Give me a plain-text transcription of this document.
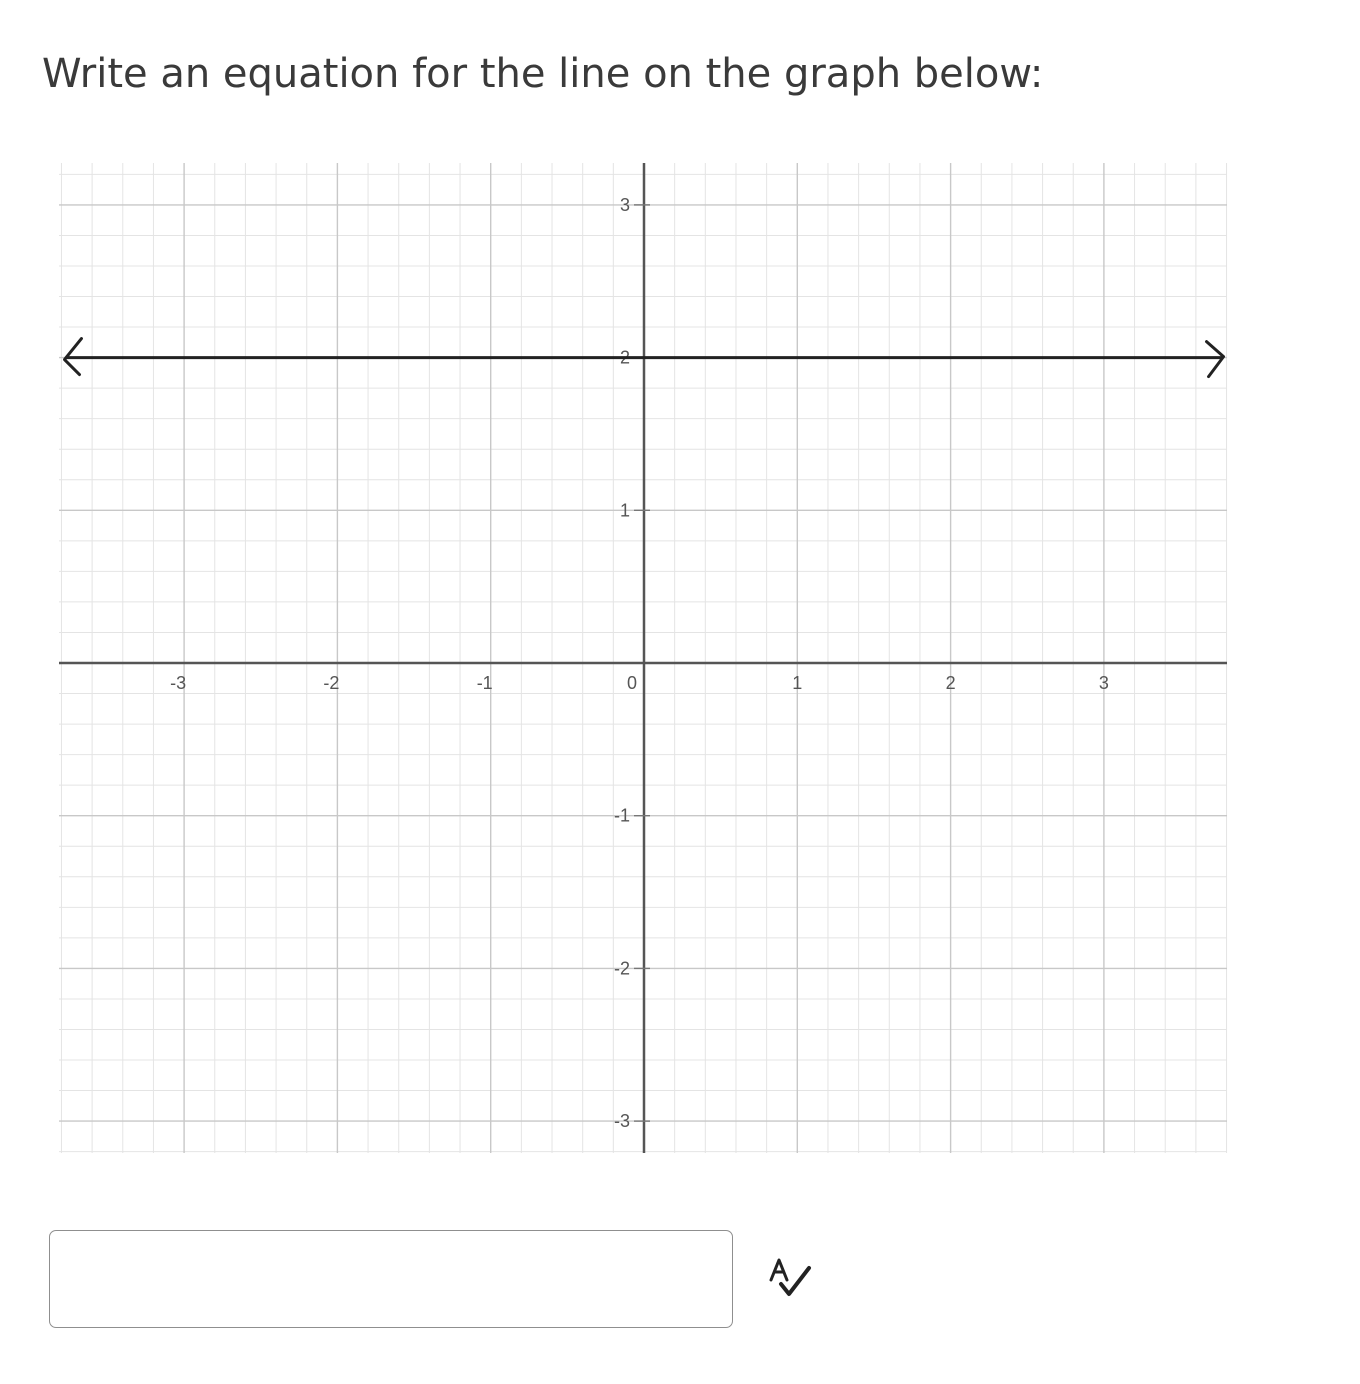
Write an equation for the line on the graph below:
-3	-2	-1	0	1	2	3
3
2
1
-1
-2
-3
